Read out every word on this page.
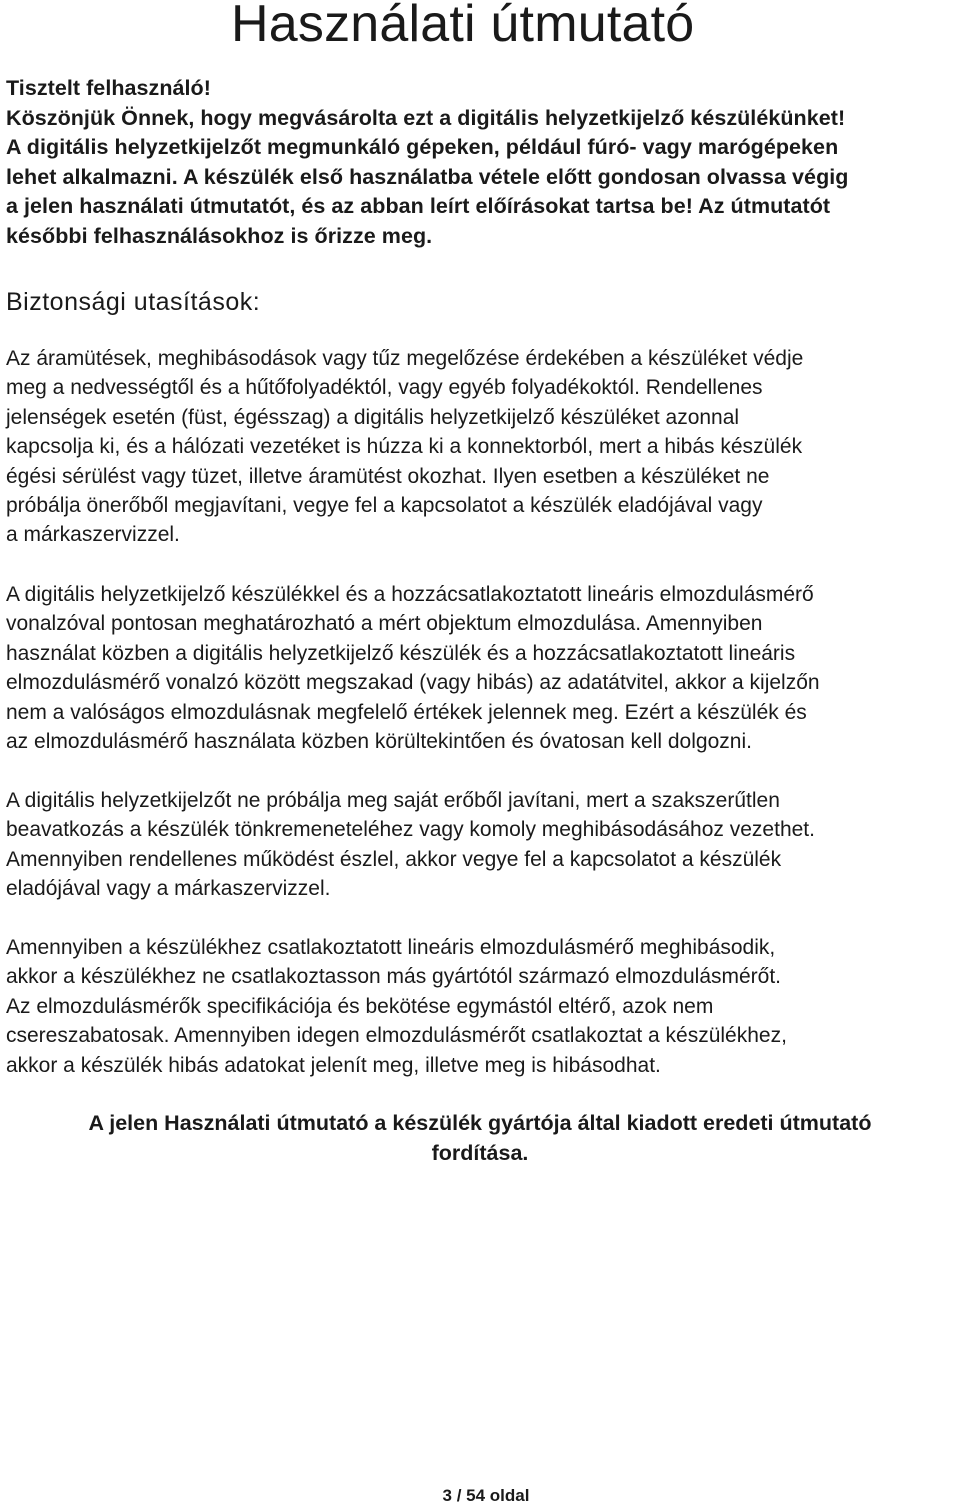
Használati útmutató

Tisztelt felhasználó!
Köszönjük Önnek, hogy megvásárolta ezt a digitális helyzetkijelző készülékünket!
A digitális helyzetkijelzőt megmunkáló gépeken, például fúró- vagy marógépeken
lehet alkalmazni. A készülék első használatba vétele előtt gondosan olvassa végig
a jelen használati útmutatót, és az abban leírt előírásokat tartsa be! Az útmutatót
későbbi felhasználásokhoz is őrizze meg.

Biztonsági utasítások:

Az áramütések, meghibásodások vagy tűz megelőzése érdekében a készüléket védje
meg a nedvességtől és a hűtőfolyadéktól, vagy egyéb folyadékoktól. Rendellenes
jelenségek esetén (füst, égésszag) a digitális helyzetkijelző készüléket azonnal
kapcsolja ki, és a hálózati vezetéket is húzza ki a konnektorból, mert a hibás készülék
égési sérülést vagy tüzet, illetve áramütést okozhat. Ilyen esetben a készüléket ne
próbálja önerőből megjavítani, vegye fel a kapcsolatot a készülék eladójával vagy
a márkaszervizzel.

A digitális helyzetkijelző készülékkel és a hozzácsatlakoztatott lineáris elmozdulásmérő
vonalzóval pontosan meghatározható a mért objektum elmozdulása. Amennyiben
használat közben a digitális helyzetkijelző készülék és a hozzácsatlakoztatott lineáris
elmozdulásmérő vonalzó között megszakad (vagy hibás) az adatátvitel, akkor a kijelzőn
nem a valóságos elmozdulásnak megfelelő értékek jelennek meg. Ezért a készülék és
az elmozdulásmérő használata közben körültekintően és óvatosan kell dolgozni.

A digitális helyzetkijelzőt ne próbálja meg saját erőből javítani, mert a szakszerűtlen
beavatkozás a készülék tönkremeneteléhez vagy komoly meghibásodásához vezethet.
Amennyiben rendellenes működést észlel, akkor vegye fel a kapcsolatot a készülék
eladójával vagy a márkaszervizzel.

Amennyiben a készülékhez csatlakoztatott lineáris elmozdulásmérő meghibásodik,
akkor a készülékhez ne csatlakoztasson más gyártótól származó elmozdulásmérőt.
Az elmozdulásmérők specifikációja és bekötése egymástól eltérő, azok nem
csereszabatosak. Amennyiben idegen elmozdulásmérőt csatlakoztat a készülékhez,
akkor a készülék hibás adatokat jelenít meg, illetve meg is hibásodhat.

A jelen Használati útmutató a készülék gyártója által kiadott eredeti útmutató
fordítása.

3 / 54 oldal
